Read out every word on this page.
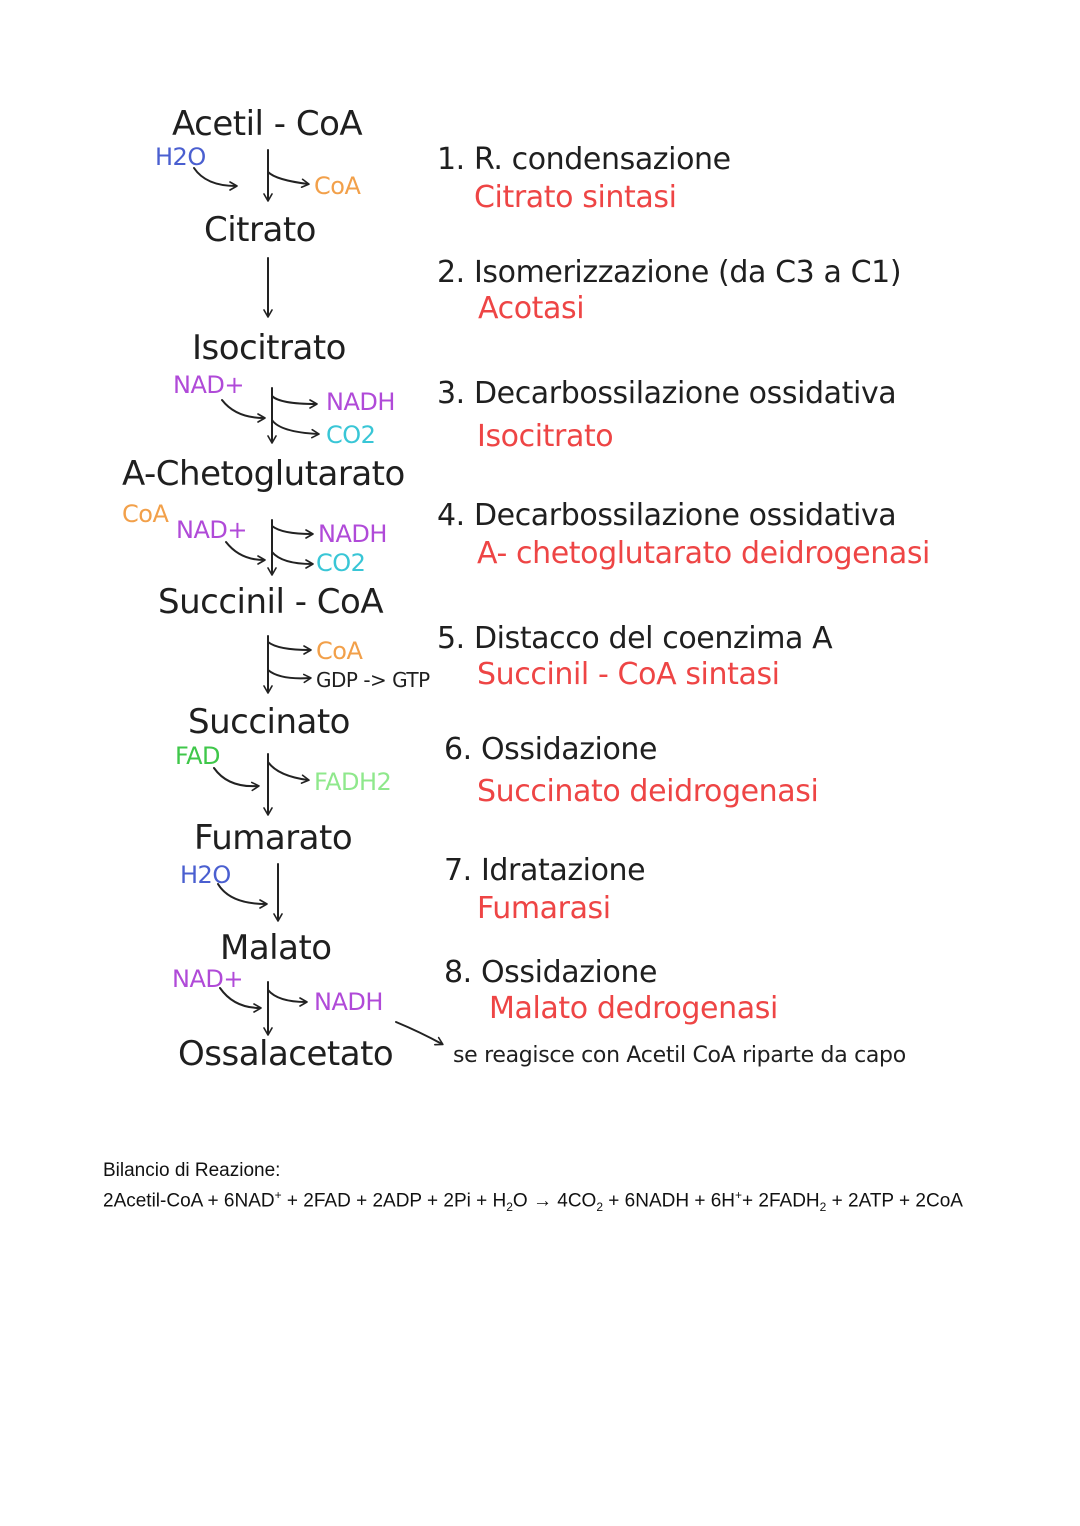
Acetil - CoA
Citrato
Isocitrato
A-Chetoglutarato
Succinil - CoA
Succinato
Fumarato
Malato
Ossalacetato
H2O
CoA
NAD+
NADH
CO2
CoA
NAD+	NADH
CO2
CoA
GDP -> GTP
FAD
FADH2
H2O
NAD+
NADH
1. R. condensazione
Citrato sintasi
2. Isomerizzazione (da C3 a C1)
Acotasi
3. Decarbossilazione ossidativa
Isocitrato
4. Decarbossilazione ossidativa
A- chetoglutarato deidrogenasi
5. Distacco del coenzima A
Succinil - CoA sintasi
6. Ossidazione
Succinato deidrogenasi
7. Idratazione
Fumarasi
8. Ossidazione
Malato dedrogenasi
se reagisce con Acetil CoA riparte da capo
Bilancio di Reazione:
2Acetil-CoA + $6NAD^+ + 2FAD + 2ADP + 2Pi + H_2O \to 4CO_2$ + 6NADH + $6H^++ 2FADH_2 + 2ATP + 2CoA$
